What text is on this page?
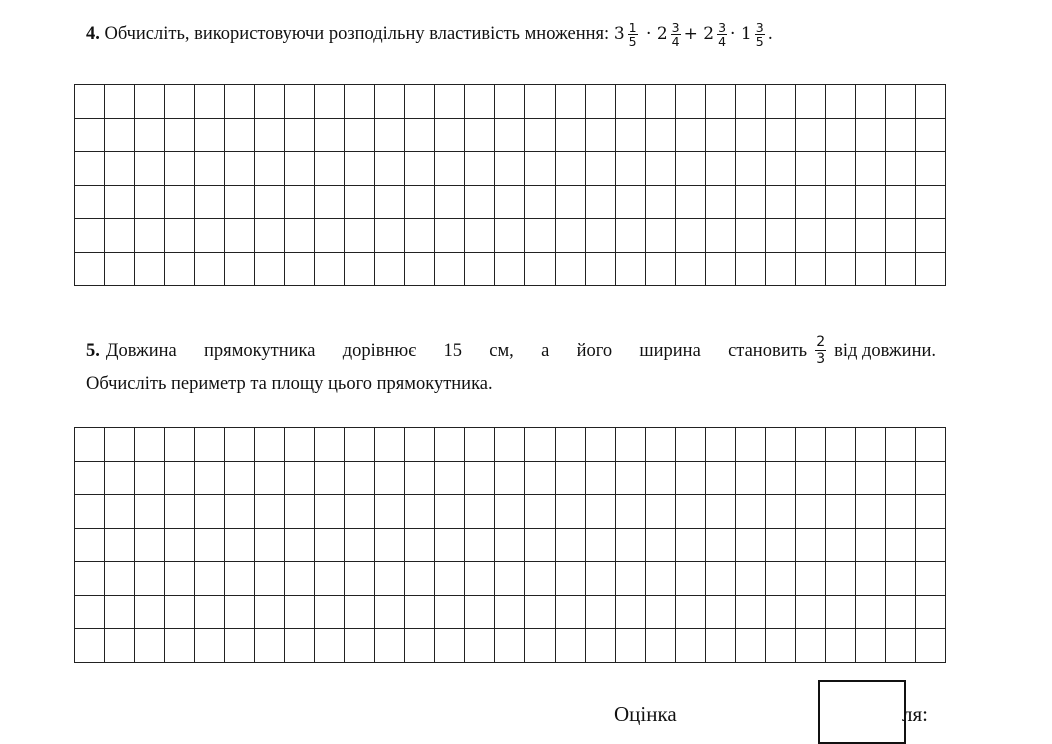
4. Обчисліть, використовуючи розподільну властивість множення: $3 \frac{1}{5} \cdot 2 \frac{3}{4} + 2 \frac{3}{4} \cdot 1 \frac{3}{5}$ .

5. Довжина прямокутника дорівнює 15 см, а його ширина становить $\frac{2}{3}$ від довжини.
Обчисліть периметр та площу цього прямокутника.

Оцінка	ля:
